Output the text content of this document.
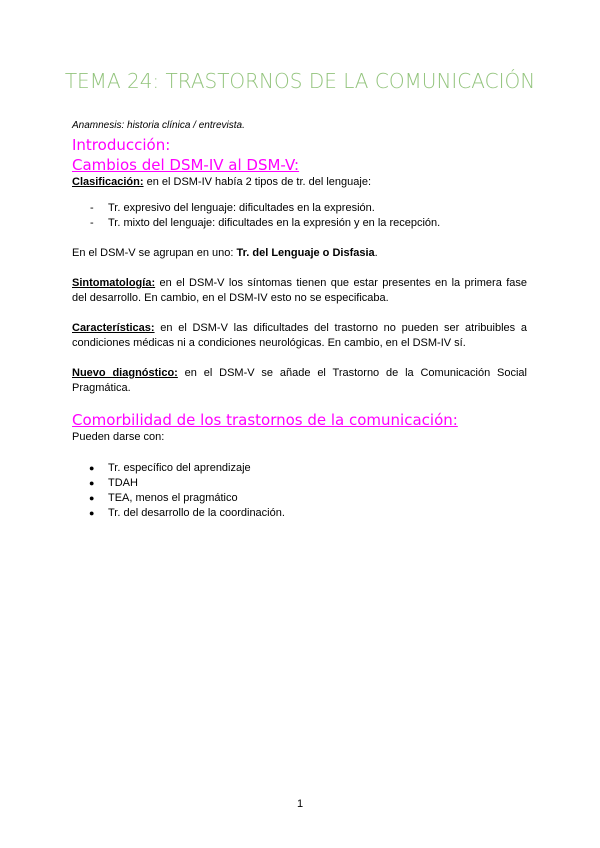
TEMA 24: TRASTORNOS DE LA COMUNICACIÓN

Anamnesis: historia clínica / entrevista.

Introducción:

Cambios del DSM-IV al DSM-V:

Clasificación: en el DSM-IV había 2 tipos de tr. del lenguaje:

- Tr. expresivo del lenguaje: dificultades en la expresión.
- Tr. mixto del lenguaje: dificultades en la expresión y en la recepción.

En el DSM-V se agrupan en uno: Tr. del Lenguaje o Disfasia.

Sintomatología: en el DSM-V los síntomas tienen que estar presentes en la primera fase del desarrollo. En cambio, en el DSM-IV esto no se especificaba.

Características: en el DSM-V las dificultades del trastorno no pueden ser atribuibles a condiciones médicas ni a condiciones neurológicas. En cambio, en el DSM-IV sí.

Nuevo diagnóstico: en el DSM-V se añade el Trastorno de la Comunicación Social Pragmática.

Comorbilidad de los trastornos de la comunicación:

Pueden darse con:

● Tr. específico del aprendizaje
● TDAH
● TEA, menos el pragmático
● Tr. del desarrollo de la coordinación.
1
